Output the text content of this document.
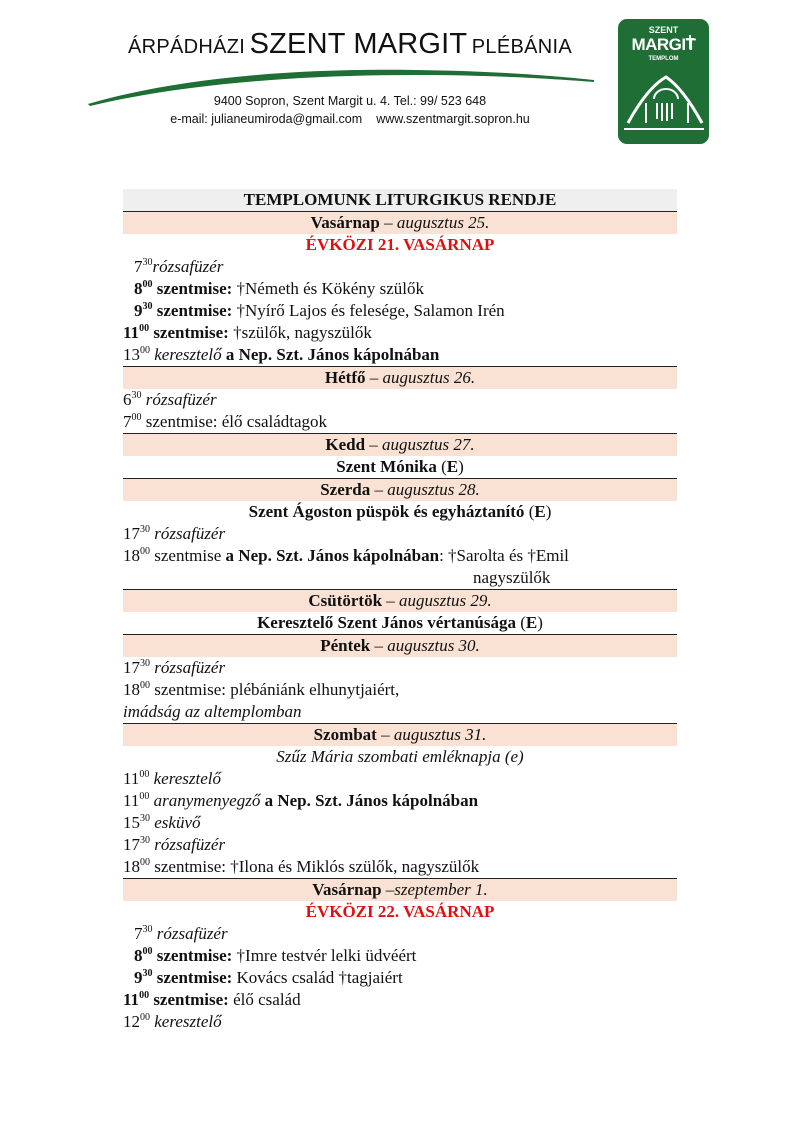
ÁRPÁDHÁZI SZENT MARGIT PLÉBÁNIA
9400 Sopron, Szent Margit u. 4. Tel.: 99/ 523 648
e-mail: julianeumiroda@gmail.com www.szentmargit.sopron.hu
SZENT
MARGIT
TEMPLOM
TEMPLOMUNK LITURGIKUS RENDJE
Vasárnap – augusztus 25.
ÉVKÖZI 21. VASÁRNAP
$7^{30}rózsafüzér$
$8^{00}$ szentmise: †Németh és Kökény szülők
$9^{30}$ szentmise: †Nyírő Lajos és felesége, Salamon Irén
$11^{00}$ szentmise: †szülők, nagyszülők
$13^{00}$ keresztelő a Nep. Szt. János kápolnában
Hétfő – augusztus 26.
$6^{30}$ rózsafüzér
$7^{00}$ szentmise: élő családtagok
Kedd – augusztus 27.
Szent Mónika (E)
Szerda – augusztus 28.
Szent Ágoston püspök és egyháztanító (E)
$17^{30}$ rózsafüzér
$18^{00}$ szentmise a Nep. Szt. János kápolnában: †Sarolta és †Emil
nagyszülők
Csütörtök – augusztus 29.
Keresztelő Szent János vértanúsága (E)
Péntek – augusztus 30.
$17^{30}$ rózsafüzér
$18^{00}$ szentmise: plébániánk elhunytjaiért,
imádság az altemplomban
Szombat – augusztus 31.
Szűz Mária szombati emléknapja (e)
$11^{00}$ keresztelő
$11^{00}$ aranymenyegző a Nep. Szt. János kápolnában
$15^{30}$ esküvő
$17^{30}$ rózsafüzér
$18^{00}$ szentmise: †Ilona és Miklós szülők, nagyszülők
Vasárnap –szeptember 1.
ÉVKÖZI 22. VASÁRNAP
$7^{30}$ rózsafüzér
$8^{00}$ szentmise: †Imre testvér lelki üdvéért
$9^{30}$ szentmise: Kovács család †tagjaiért
$11^{00}$ szentmise: élő család
$12^{00}$ keresztelő
